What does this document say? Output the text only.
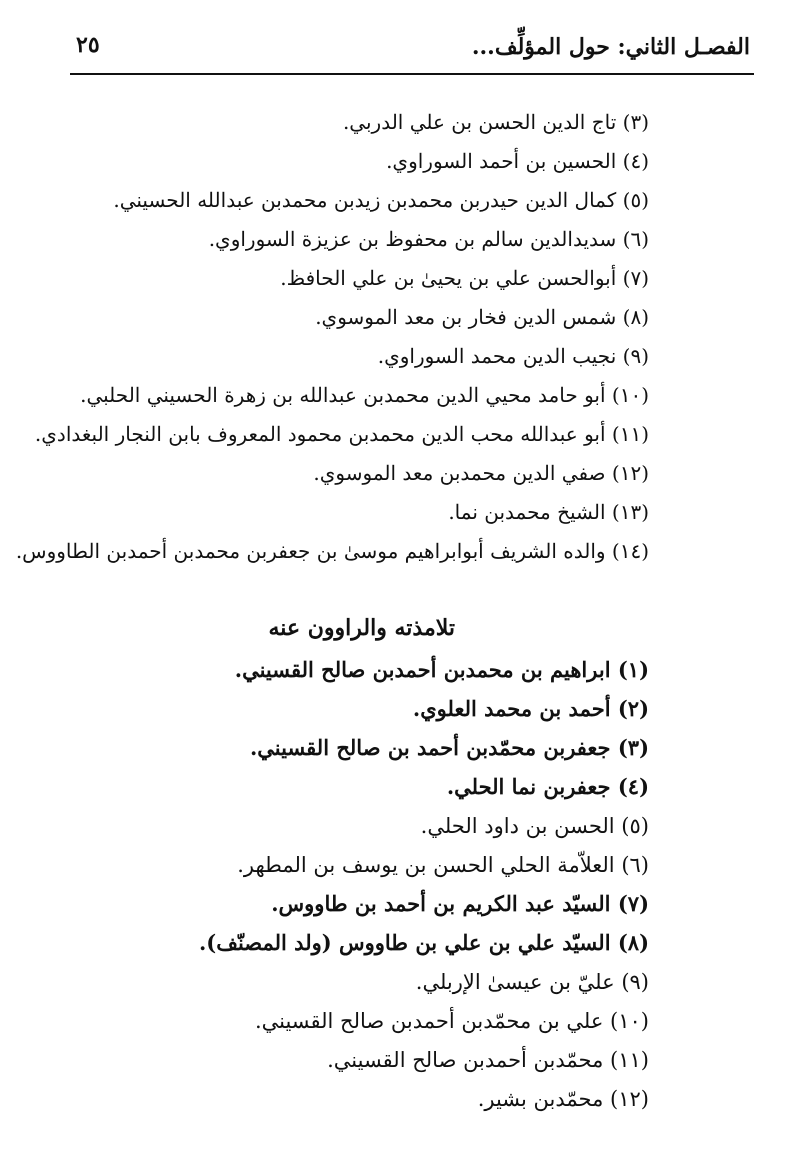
٢٥	الفصـل الثاني: حول المؤلِّف...
(٣) تاج الدين الحسن بن علي الدربي.
(٤) الحسين بن أحمد السوراوي.
(٥) كمال الدين حيدربن محمدبن زيدبن محمدبن عبدالله الحسيني.
(٦) سديدالدين سالم بن محفوظ بن عزيزة السوراوي.
(٧) أبوالحسن علي بن يحيىٰ بن علي الحافظ.
(٨) شمس الدين فخار بن معد الموسوي.
(٩) نجيب الدين محمد السوراوي.
(١٠) أبو حامد محيي الدين محمدبن عبدالله بن زهرة الحسيني الحلبي.
(١١) أبو عبدالله محب الدين محمدبن محمود المعروف بابن النجار البغدادي.
(١٢) صفي الدين محمدبن معد الموسوي.
(١٣) الشيخ محمدبن نما.
(١٤) والده الشريف أبوابراهيم موسىٰ بن جعفربن محمدبن أحمدبن الطاووس.
تلامذته والراوون عنه
(١) ابراهيم بن محمدبن أحمدبن صالح القسيني.
(٢) أحمد بن محمد العلوي.
(٣) جعفربن محمّدبن أحمد بن صالح القسيني.
(٤) جعفربن نما الحلي.
(٥) الحسن بن داود الحلي.
(٦) العلاّمة الحلي الحسن بن يوسف بن المطهر.
(٧) السيّد عبد الكريم بن أحمد بن طاووس.
(٨) السيّد علي بن علي بن طاووس (ولد المصنّف).
(٩) عليّ بن عيسىٰ الإربلي.
(١٠) علي بن محمّدبن أحمدبن صالح القسيني.
(١١) محمّدبن أحمدبن صالح القسيني.
(١٢) محمّدبن بشير.
